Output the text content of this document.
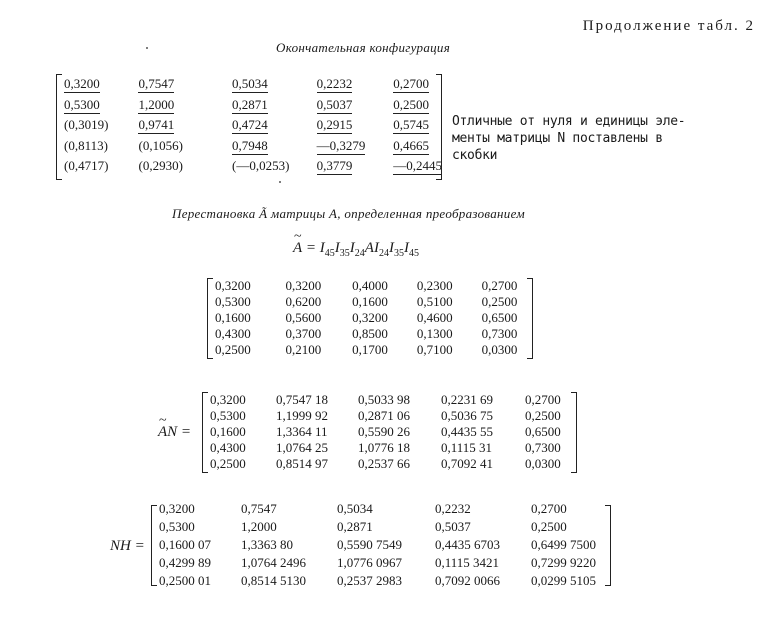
Продолжение табл. 2
Окончательная конфигурация
0,3200	0,7547	0,5034	0,2232	0,2700
0,5300	1,2000	0,2871	0,5037	0,2500
(0,3019)	0,9741	0,4724	0,2915	0,5745
(0,8113)	(0,1056)	0,7948	—0,3279	0,4665
(0,4717)	(0,2930)	(—0,0253)	0,3779	—0,2445
Отличные от нуля и единицы эле-
менты матрицы N поставлены в
скобки
Перестановка Ã матрицы A, определенная преобразованием
~ $A = I_{45}I_{35}I_{24}AI_{24}I_{35}I_{45}$
0,3200	0,3200	0,4000	0,2300	0,2700
0,5300	0,6200	0,1600	0,5100	0,2500
0,1600	0,5600	0,3200	0,4600	0,6500
0,4300	0,3700	0,8500	0,1300	0,7300
0,2500	0,2100	0,1700	0,7100	0,0300
~ AN =
0,3200	0,7547 18	0,5033 98	0,2231 69	0,2700
0,5300	1,1999 92	0,2871 06	0,5036 75	0,2500
0,1600	1,3364 11	0,5590 26	0,4435 55	0,6500
0,4300	1,0764 25	1,0776 18	0,1115 31	0,7300
0,2500	0,8514 97	0,2537 66	0,7092 41	0,0300
NH =
0,3200	0,7547	0,5034	0,2232	0,2700
0,5300	1,2000	0,2871	0,5037	0,2500
0,1600 07	1,3363 80	0,5590 7549	0,4435 6703	0,6499 7500
0,4299 89	1,0764 2496	1,0776 0967	0,1115 3421	0,7299 9220
0,2500 01	0,8514 5130	0,2537 2983	0,7092 0066	0,0299 5105
